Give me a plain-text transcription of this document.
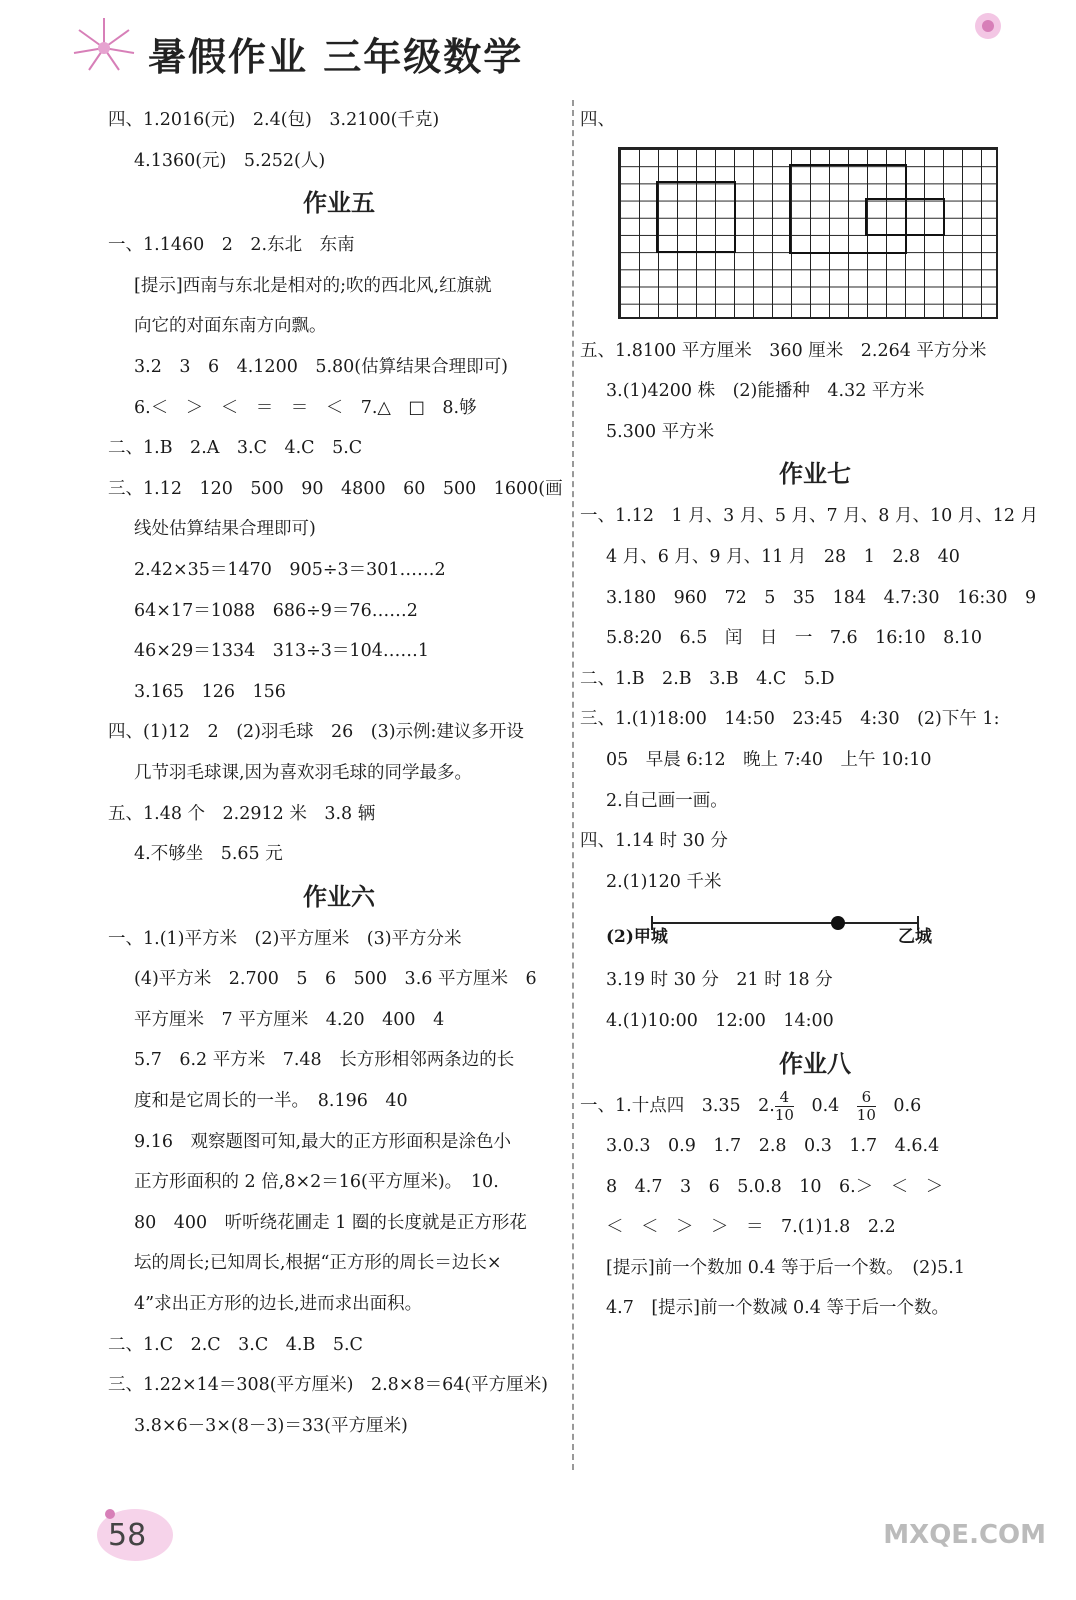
暑假作业 三年级数学
四、1.2016(元)　2.4(包)　3.2100(千克)
4.1360(元)　5.252(人)
作业五
一、1.1460　2　2.东北　东南
[提示]西南与东北是相对的;吹的西北风,红旗就
向它的对面东南方向飘。
3.2　3　6　4.1200　5.80(估算结果合理即可)
6.＜　＞　＜　＝　＝　＜　7.△　□　8.够
二、1.B　2.A　3.C　4.C　5.C
三、1.12　120　500　90　4800　60　500　1600(画
线处估算结果合理即可)
2.42×35＝1470　905÷3＝301……2
64×17＝1088　686÷9＝76……2
46×29＝1334　313÷3＝104……1
3.165　126　156
四、(1)12　2　(2)羽毛球　26　(3)示例:建议多开设
几节羽毛球课,因为喜欢羽毛球的同学最多。
五、1.48 个　2.2912 米　3.8 辆
4.不够坐　5.65 元
作业六
一、1.(1)平方米　(2)平方厘米　(3)平方分米
(4)平方米　2.700　5　6　500　3.6 平方厘米　6
平方厘米　7 平方厘米　4.20　400　4
5.7　6.2 平方米　7.48　长方形相邻两条边的长
度和是它周长的一半。　8.196　40
9.16　观察题图可知,最大的正方形面积是涂色小
正方形面积的 2 倍,8×2＝16(平方厘米)。　10.
80　400　听听绕花圃走 1 圈的长度就是正方形花
坛的周长;已知周长,根据“正方形的周长＝边长×
4”求出正方形的边长,进而求出面积。
二、1.C　2.C　3.C　4.B　5.C
三、1.22×14＝308(平方厘米)　2.8×8＝64(平方厘米)
3.8×6－3×(8－3)＝33(平方厘米)
四、
五、1.8100 平方厘米　360 厘米　2.264 平方分米
3.(1)4200 株　(2)能播种　4.32 平方米
5.300 平方米
作业七
一、1.12　1 月、3 月、5 月、7 月、8 月、10 月、12 月
4 月、6 月、9 月、11 月　28　1　2.8　40
3.180　960　72　5　35　184　4.7:30　16:30　9
5.8:20　6.5　闰　日　一　7.6　16:10　8.10
二、1.B　2.B　3.B　4.C　5.D
三、1.(1)18:00　14:50　23:45　4:30　(2)下午 1:
05　早晨 6:12　晚上 7:40　上午 10:10
2.自己画一画。
四、1.14 时 30 分
2.(1)120 千米
(2)甲城	乙城
3.19 时 30 分　21 时 18 分
4.(1)10:00　12:00　14:00
作业八
一、1.十点四　3.35　2. $\frac{4}{10}$ 　0.4　 $\frac{6}{10}$ 　0.6
3.0.3　0.9　1.7　2.8　0.3　1.7　4.6.4
8　4.7　3　6　5.0.8　10　6.＞　＜　＞
＜　＜　＞　＞　＝　7.(1)1.8　2.2
[提示]前一个数加 0.4 等于后一个数。　(2)5.1
4.7　[提示]前一个数减 0.4 等于后一个数。
58	MXQE.COM
